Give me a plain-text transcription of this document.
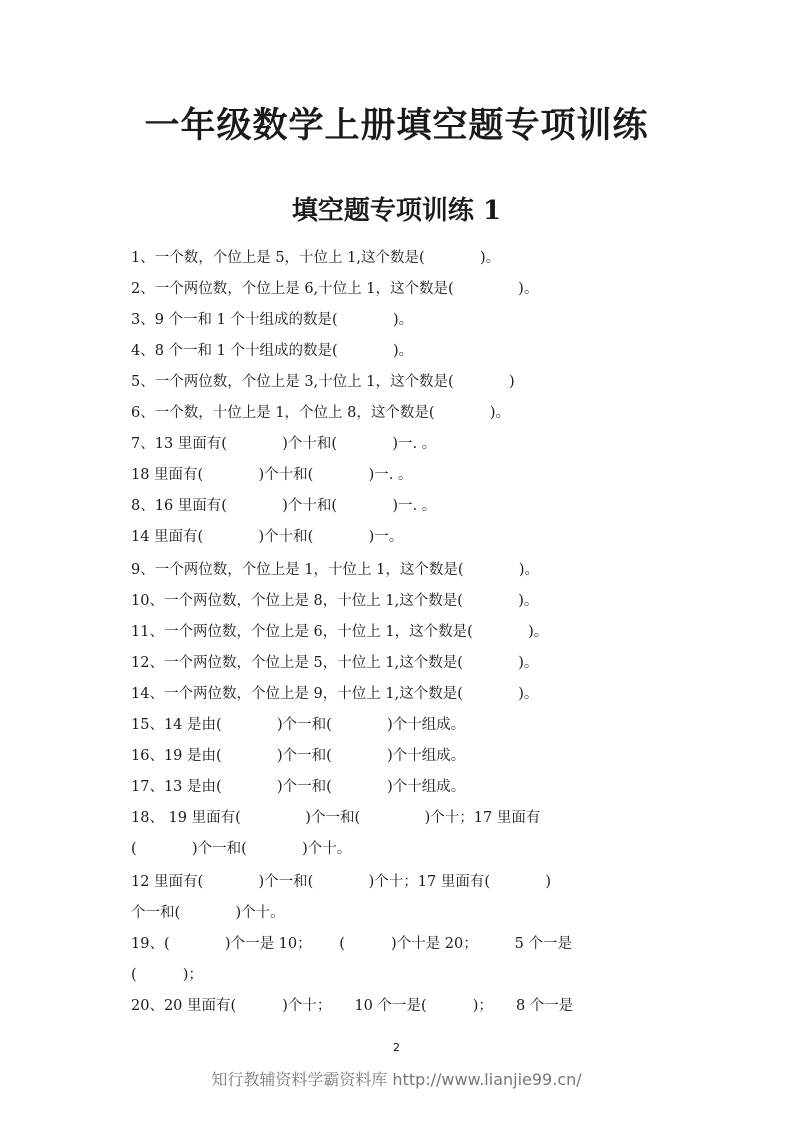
一年级数学上册填空题专项训练
填空题专项训练 1
1、一个数，个位上是 5，十位上 1,这个数是(            )。
2、一个两位数，个位上是 6,十位上 1，这个数是(              )。
3、9 个一和 1 个十组成的数是(            )。
4、8 个一和 1 个十组成的数是(            )。
5、一个两位数，个位上是 3,十位上 1，这个数是(            )
6、一个数，十位上是 1，个位上 8，这个数是(            )。
7、13 里面有(            )个十和(            )一. 。
18 里面有(            )个十和(            )一. 。
8、16 里面有(            )个十和(            )一. 。
14 里面有(            )个十和(            )一。
9、一个两位数，个位上是 1，十位上 1，这个数是(            )。
10、一个两位数，个位上是 8，十位上 1,这个数是(            )。
11、一个两位数，个位上是 6，十位上 1，这个数是(            )。
12、一个两位数，个位上是 5，十位上 1,这个数是(            )。
14、一个两位数，个位上是 9，十位上 1,这个数是(            )。
15、14 是由(            )个一和(            )个十组成。
16、19 是由(            )个一和(            )个十组成。
17、13 是由(            )个一和(            )个十组成。
18、 19 里面有(              )个一和(              )个十；17 里面有
(            )个一和(            )个十。
12 里面有(            )个一和(            )个十；17 里面有(            )
个一和(            )个十。
19、(            )个一是 10；      (          )个十是 20；        5 个一是
(          )；
20、20 里面有(          )个十；     10 个一是(          )；     8 个一是
2
知行教辅资料学霸资料库 http://www.lianjie99.cn/
